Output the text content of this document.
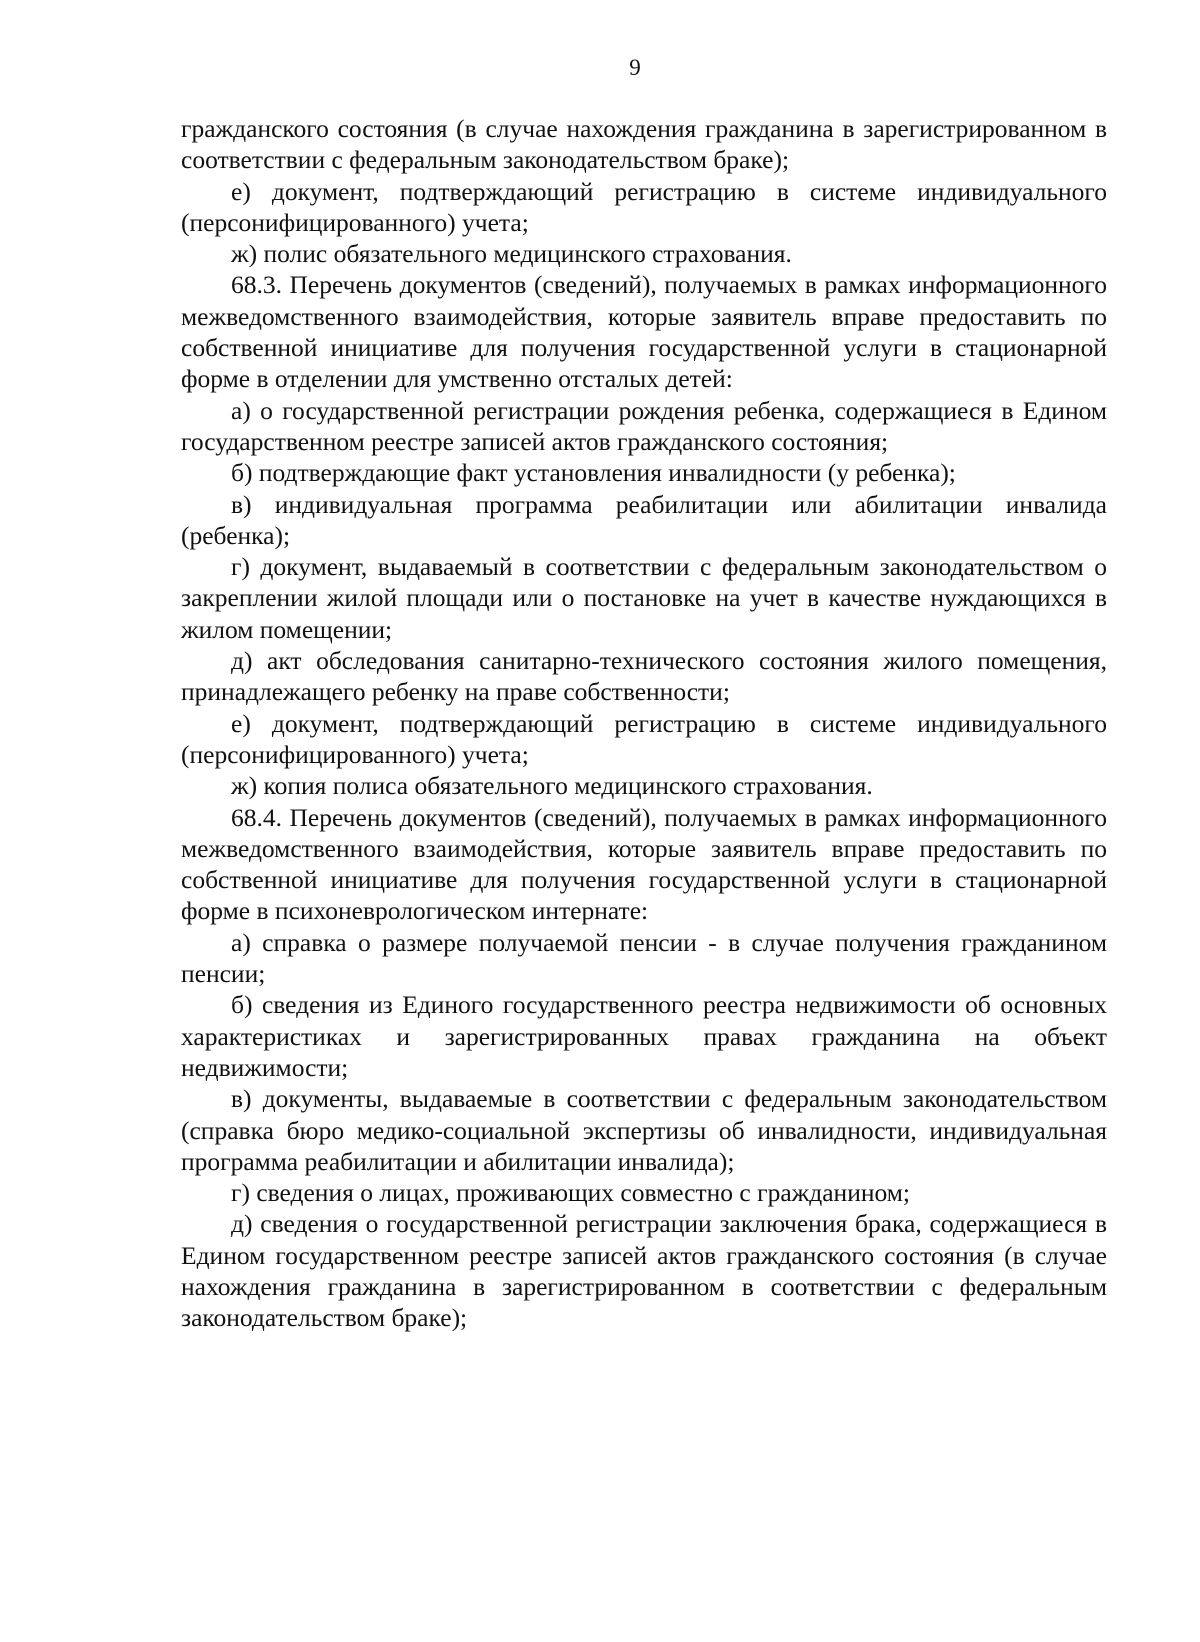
9

гражданского состояния (в случае нахождения гражданина в зарегистрированном в соответствии с федеральным законодательством браке);

е) документ, подтверждающий регистрацию в системе индивидуального (персонифицированного) учета;

ж) полис обязательного медицинского страхования.

68.3. Перечень документов (сведений), получаемых в рамках информационного межведомственного взаимодействия, которые заявитель вправе предоставить по собственной инициативе для получения государственной услуги в стационарной форме в отделении для умственно отсталых детей:

а) о государственной регистрации рождения ребенка, содержащиеся в Едином государственном реестре записей актов гражданского состояния;

б) подтверждающие факт установления инвалидности (у ребенка);

в) индивидуальная программа реабилитации или абилитации инвалида (ребенка);

г) документ, выдаваемый в соответствии с федеральным законодательством о закреплении жилой площади или о постановке на учет в качестве нуждающихся в жилом помещении;

д) акт обследования санитарно-технического состояния жилого помещения, принадлежащего ребенку на праве собственности;

е) документ, подтверждающий регистрацию в системе индивидуального (персонифицированного) учета;

ж) копия полиса обязательного медицинского страхования.

68.4. Перечень документов (сведений), получаемых в рамках информационного межведомственного взаимодействия, которые заявитель вправе предоставить по собственной инициативе для получения государственной услуги в стационарной форме в психоневрологическом интернате:

а) справка о размере получаемой пенсии - в случае получения гражданином пенсии;

б) сведения из Единого государственного реестра недвижимости об основных характеристиках и зарегистрированных правах гражданина на объект недвижимости;

в) документы, выдаваемые в соответствии с федеральным законодательством (справка бюро медико-социальной экспертизы об инвалидности, индивидуальная программа реабилитации и абилитации инвалида);

г) сведения о лицах, проживающих совместно с гражданином;

д) сведения о государственной регистрации заключения брака, содержащиеся в Едином государственном реестре записей актов гражданского состояния (в случае нахождения гражданина в зарегистрированном в соответствии с федеральным законодательством браке);
